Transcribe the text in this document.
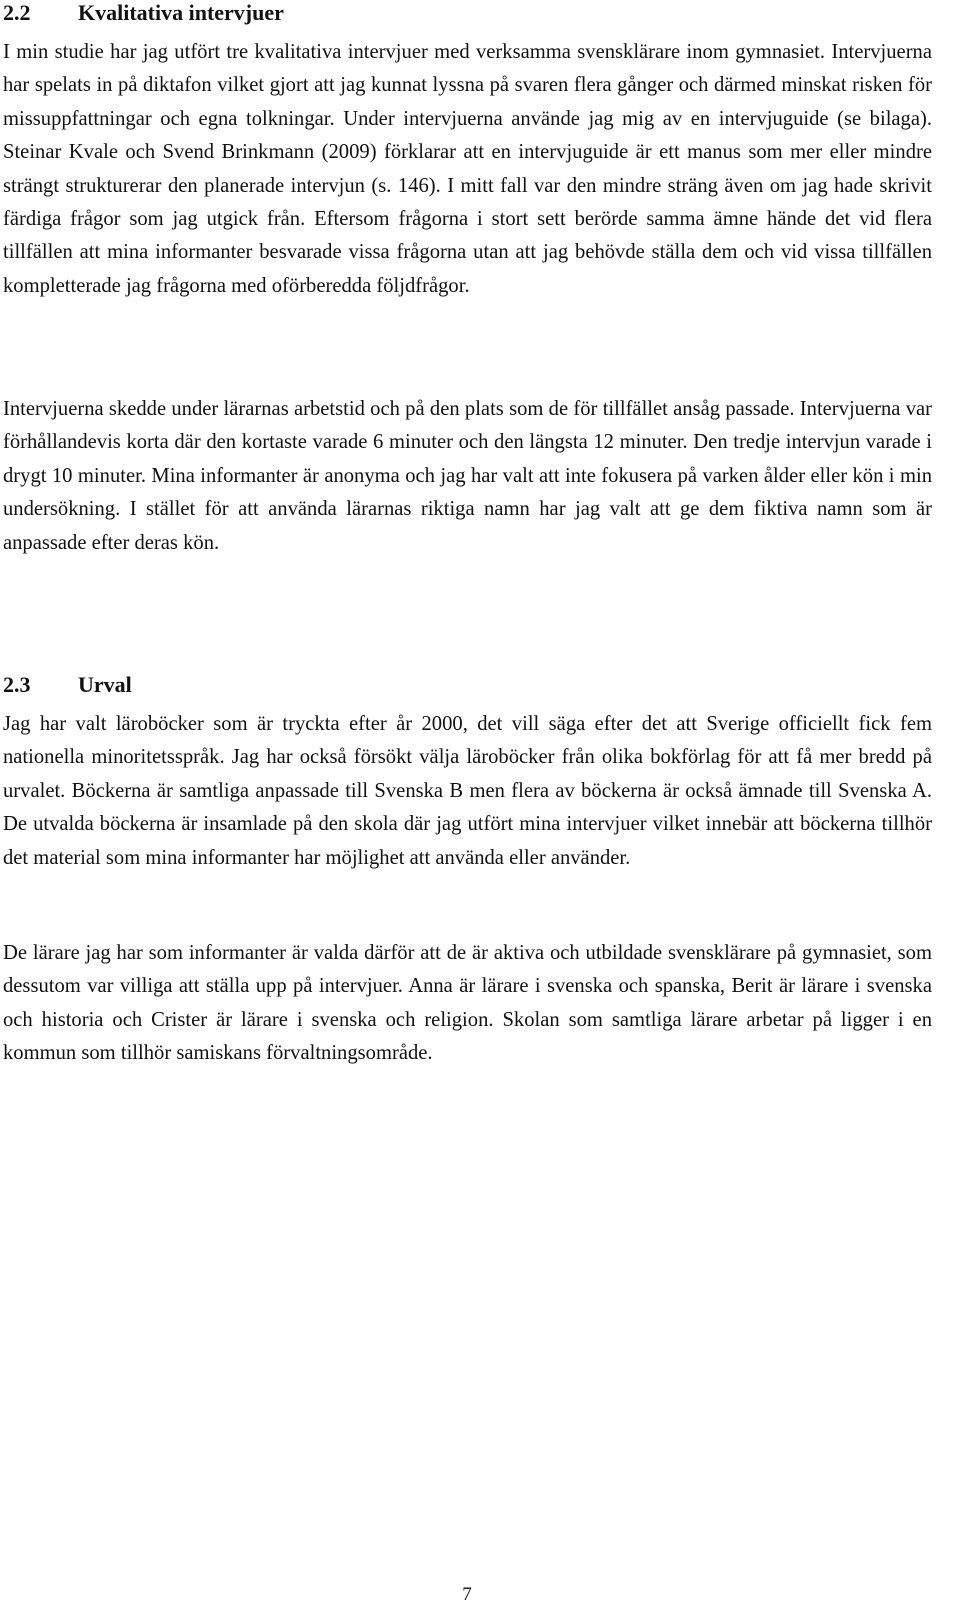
2.2 Kvalitativa intervjuer

I min studie har jag utfört tre kvalitativa intervjuer med verksamma svensklärare inom gymnasiet. Intervjuerna har spelats in på diktafon vilket gjort att jag kunnat lyssna på svaren flera gånger och därmed minskat risken för missuppfattningar och egna tolkningar. Under intervjuerna använde jag mig av en intervjuguide (se bilaga). Steinar Kvale och Svend Brinkmann (2009) förklarar att en intervjuguide är ett manus som mer eller mindre strängt strukturerar den planerade intervjun (s. 146). I mitt fall var den mindre sträng även om jag hade skrivit färdiga frågor som jag utgick från. Eftersom frågorna i stort sett berörde samma ämne hände det vid flera tillfällen att mina informanter besvarade vissa frågorna utan att jag behövde ställa dem och vid vissa tillfällen kompletterade jag frågorna med oförberedda följdfrågor.

Intervjuerna skedde under lärarnas arbetstid och på den plats som de för tillfället ansåg passade. Intervjuerna var förhållandevis korta där den kortaste varade 6 minuter och den längsta 12 minuter. Den tredje intervjun varade i drygt 10 minuter. Mina informanter är anonyma och jag har valt att inte fokusera på varken ålder eller kön i min undersökning. I stället för att använda lärarnas riktiga namn har jag valt att ge dem fiktiva namn som är anpassade efter deras kön.

2.3 Urval

Jag har valt läroböcker som är tryckta efter år 2000, det vill säga efter det att Sverige officiellt fick fem nationella minoritetsspråk. Jag har också försökt välja läroböcker från olika bokförlag för att få mer bredd på urvalet. Böckerna är samtliga anpassade till Svenska B men flera av böckerna är också ämnade till Svenska A. De utvalda böckerna är insamlade på den skola där jag utfört mina intervjuer vilket innebär att böckerna tillhör det material som mina informanter har möjlighet att använda eller använder.

De lärare jag har som informanter är valda därför att de är aktiva och utbildade svensklärare på gymnasiet, som dessutom var villiga att ställa upp på intervjuer. Anna är lärare i svenska och spanska, Berit är lärare i svenska och historia och Crister är lärare i svenska och religion. Skolan som samtliga lärare arbetar på ligger i en kommun som tillhör samiskans förvaltningsområde.

7
